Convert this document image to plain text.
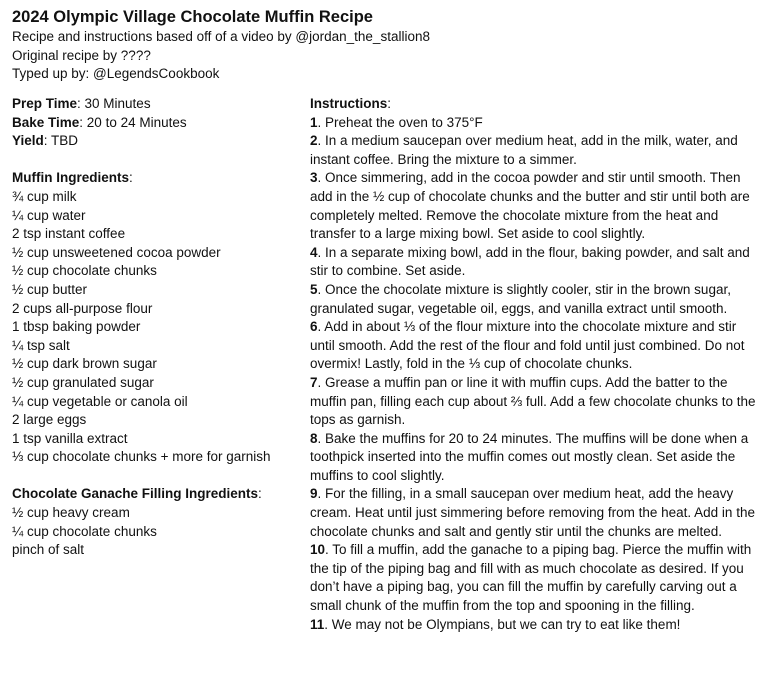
2024 Olympic Village Chocolate Muffin Recipe
Recipe and instructions based off of a video by @jordan_the_stallion8
Original recipe by ????
Typed up by: @LegendsCookbook
Prep Time: 30 Minutes
Bake Time: 20 to 24 Minutes
Yield: TBD
Muffin Ingredients:
¾ cup milk
¼ cup water
2 tsp instant coffee
½ cup unsweetened cocoa powder
½ cup chocolate chunks
½ cup butter
2 cups all-purpose flour
1 tbsp baking powder
¼ tsp salt
½ cup dark brown sugar
½ cup granulated sugar
¼ cup vegetable or canola oil
2 large eggs
1 tsp vanilla extract
⅓ cup chocolate chunks + more for garnish
Chocolate Ganache Filling Ingredients:
½ cup heavy cream
¼ cup chocolate chunks
pinch of salt
Instructions:
1. Preheat the oven to 375°F
2. In a medium saucepan over medium heat, add in the milk, water, and instant coffee. Bring the mixture to a simmer.
3. Once simmering, add in the cocoa powder and stir until smooth. Then add in the ½ cup of chocolate chunks and the butter and stir until both are completely melted. Remove the chocolate mixture from the heat and transfer to a large mixing bowl. Set aside to cool slightly.
4. In a separate mixing bowl, add in the flour, baking powder, and salt and stir to combine. Set aside.
5. Once the chocolate mixture is slightly cooler, stir in the brown sugar, granulated sugar, vegetable oil, eggs, and vanilla extract until smooth.
6. Add in about ⅓ of the flour mixture into the chocolate mixture and stir until smooth. Add the rest of the flour and fold until just combined. Do not overmix! Lastly, fold in the ⅓ cup of chocolate chunks.
7. Grease a muffin pan or line it with muffin cups. Add the batter to the muffin pan, filling each cup about ⅔ full. Add a few chocolate chunks to the tops as garnish.
8. Bake the muffins for 20 to 24 minutes. The muffins will be done when a toothpick inserted into the muffin comes out mostly clean. Set aside the muffins to cool slightly.
9. For the filling, in a small saucepan over medium heat, add the heavy cream. Heat until just simmering before removing from the heat. Add in the chocolate chunks and salt and gently stir until the chunks are melted.
10. To fill a muffin, add the ganache to a piping bag. Pierce the muffin with the tip of the piping bag and fill with as much chocolate as desired. If you don’t have a piping bag, you can fill the muffin by carefully carving out a small chunk of the muffin from the top and spooning in the filling.
11. We may not be Olympians, but we can try to eat like them!
